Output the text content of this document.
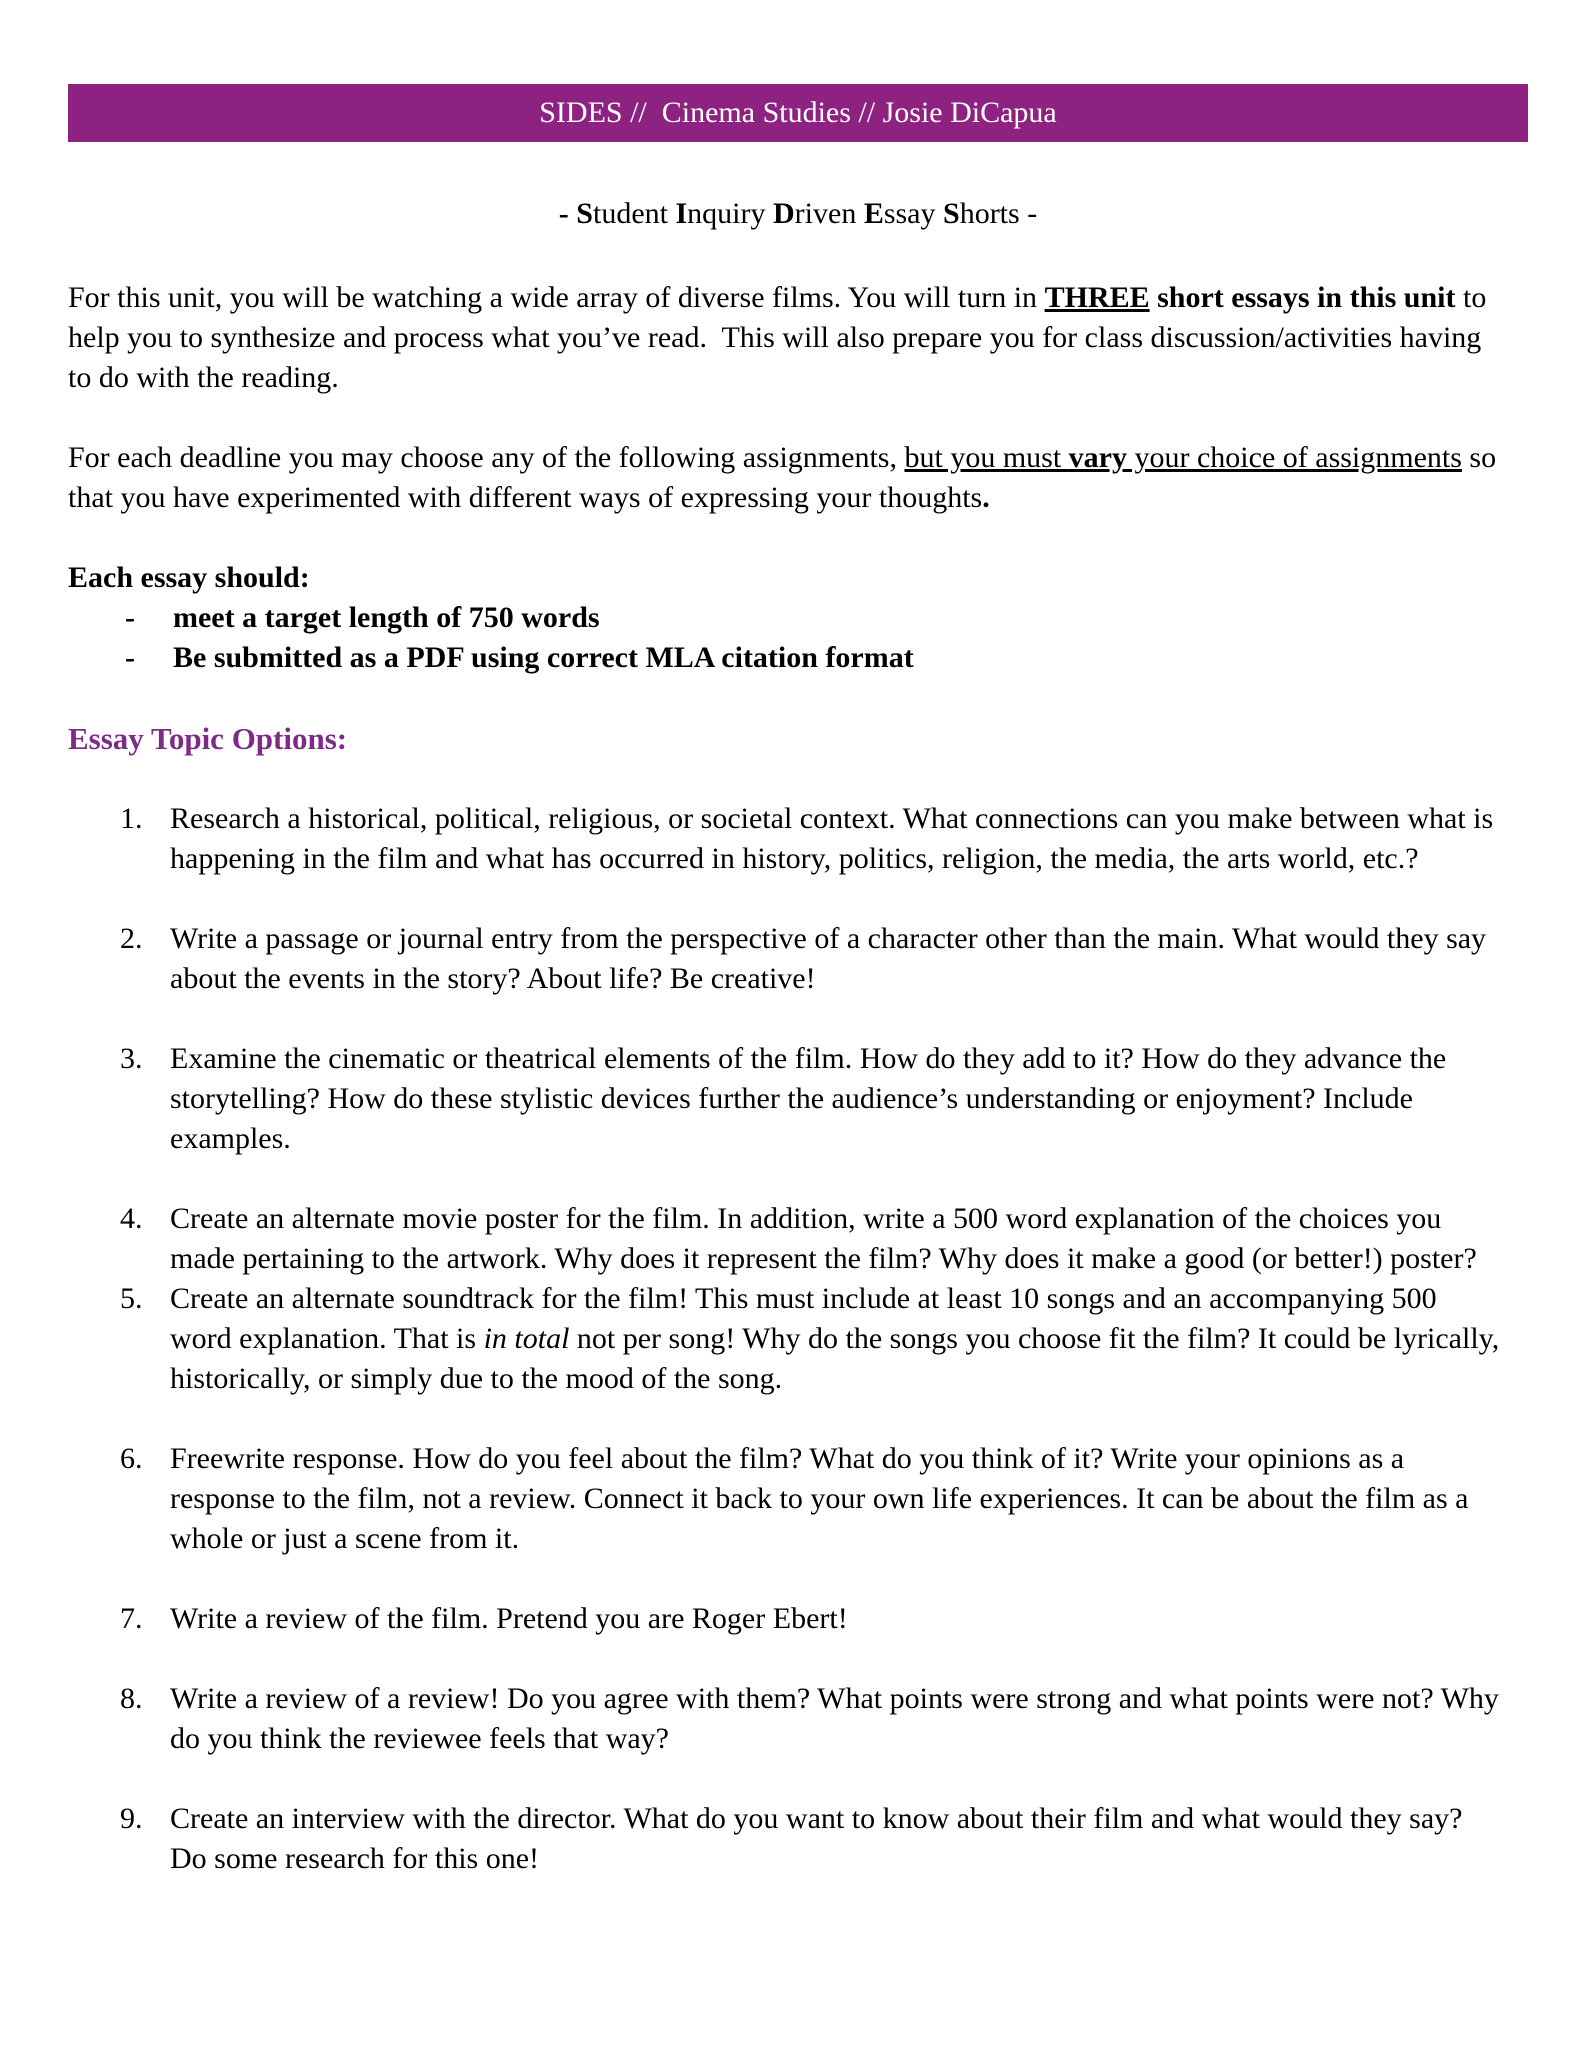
SIDES //  Cinema Studies // Josie DiCapua
- Student Inquiry Driven Essay Shorts -

For this unit, you will be watching a wide array of diverse films. You will turn in THREE short essays in this unit to help you to synthesize and process what you’ve read.  This will also prepare you for class discussion/activities having to do with the reading.

For each deadline you may choose any of the following assignments, but you must vary your choice of assignments so that you have experimented with different ways of expressing your thoughts.

Each essay should:

-	meet a target length of 750 words
-	Be submitted as a PDF using correct MLA citation format
Essay Topic Options:
1. Research a historical, political, religious, or societal context. What connections can you make between what is happening in the film and what has occurred in history, politics, religion, the media, the arts world, etc.?
2. Write a passage or journal entry from the perspective of a character other than the main. What would they say about the events in the story? About life? Be creative!
3. Examine the cinematic or theatrical elements of the film. How do they add to it? How do they advance the storytelling? How do these stylistic devices further the audience’s understanding or enjoyment? Include examples.
4. Create an alternate movie poster for the film. In addition, write a 500 word explanation of the choices you made pertaining to the artwork. Why does it represent the film? Why does it make a good (or better!) poster?
5. Create an alternate soundtrack for the film! This must include at least 10 songs and an accompanying 500 word explanation. That is in total not per song! Why do the songs you choose fit the film? It could be lyrically, historically, or simply due to the mood of the song.
6. Freewrite response. How do you feel about the film? What do you think of it? Write your opinions as a response to the film, not a review. Connect it back to your own life experiences. It can be about the film as a whole or just a scene from it.
7. Write a review of the film. Pretend you are Roger Ebert!
8. Write a review of a review! Do you agree with them? What points were strong and what points were not? Why do you think the reviewee feels that way?
9. Create an interview with the director. What do you want to know about their film and what would they say? Do some research for this one!
